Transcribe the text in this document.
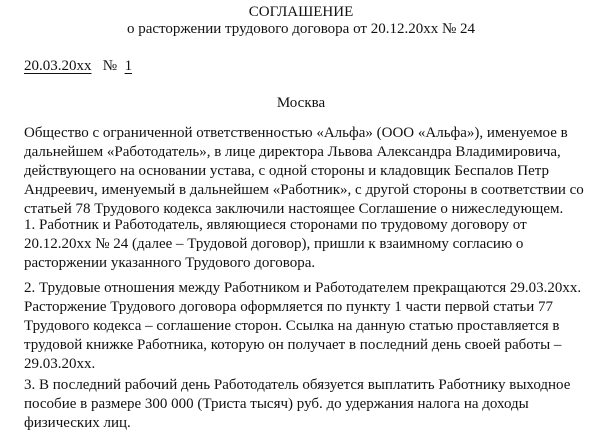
СОГЛАШЕНИЕ
о расторжении трудового договора от 20.12.20xx № 24
20.03.20xx № 1
Москва
Общество с ограниченной ответственностью «Альфа» (ООО «Альфа»), именуемое в
дальнейшем «Работодатель», в лице директора Львова Александра Владимировича,
действующего на основании устава, с одной стороны и кладовщик Беспалов Петр
Андреевич, именуемый в дальнейшем «Работник», с другой стороны в соответствии со
статьей 78 Трудового кодекса заключили настоящее Соглашение о нижеследующем.
1. Работник и Работодатель, являющиеся сторонами по трудовому договору от
20.12.20xx № 24 (далее – Трудовой договор), пришли к взаимному согласию о
расторжении указанного Трудового договора.
2. Трудовые отношения между Работником и Работодателем прекращаются 29.03.20xx.
Расторжение Трудового договора оформляется по пункту 1 части первой статьи 77
Трудового кодекса – соглашение сторон. Ссылка на данную статью проставляется в
трудовой книжке Работника, которую он получает в последний день своей работы –
29.03.20xx.
3. В последний рабочий день Работодатель обязуется выплатить Работнику выходное
пособие в размере 300 000 (Триста тысяч) руб. до удержания налога на доходы
физических лиц.
